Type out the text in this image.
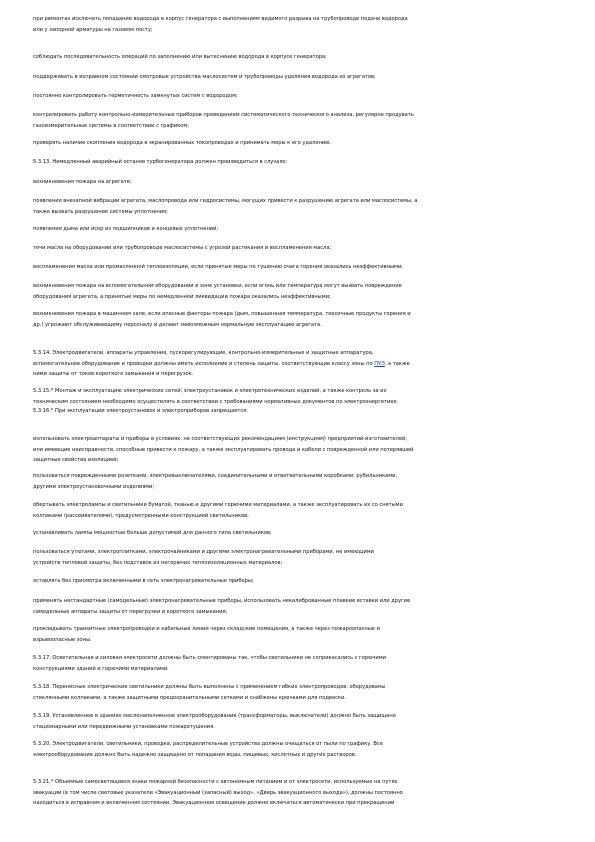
при ремонтах исключать попадание водорода в корпус генератора с выполнением видимого разрыва на трубопроводе подачи водорода
или у запорной арматуры на газовом посту;
соблюдать последовательность операций по заполнению или вытеснению водорода в корпусе генератора;
поддерживать в исправном состоянии смотровые устройства маслосистем и трубопроводы удаления водорода из агрегатов;
постоянно контролировать герметичность замкнутых систем с водородом;
контролировать работу контрольно-измерительных приборов проведением систематического технического анализа, регулярно продувать
газоизмерительные системы в соответствии с графиком;
проверять наличие скопления водорода в экранированных токопроводах и принимать меры к его удалению.
5.3.13. Немедленный аварийный останов турбогенератора должен производиться в случаях:
возникновения пожара на агрегате;
появления внезапной вибрации агрегата, маслопровода или гидросистемы, могущих привести к разрушению агрегата или маслосистемы, а
также вызвать разрушение системы уплотнения;
появления дыма или искр из подшипников и концевых уплотнений;
течи масла на оборудовании или трубопроводе маслосистемы с угрозой растекания и воспламенения масла;
воспламенения масла или промасленной теплоизоляции, если принятые меры по тушению очага горения оказались неэффективными;
возникновения пожара на вспомогательном оборудовании в зоне установки, если огонь или температура могут вызвать повреждение
оборудования агрегата, а принятые меры по немедленной ликвидации пожара оказались неэффективными;
возникновения пожара в машинном зале, если опасные факторы пожара (дым, повышенная температура, токсичные продукты горения и
др.) угрожают обслуживающему персоналу и делают невозможным нормальную эксплуатацию агрегата.
5.3.14. Электродвигатели, аппараты управления, пускорегулирующие, контрольно-измерительные и защитные аппаратура,
вспомогательное оборудование и проводки должны иметь исполнение и степень защиты, соответствующие классу зоны по ПУЭ, а также
ними защиты от токов короткого замыкания и перегрузок.
5.3.15.* Монтаж и эксплуатацию электрических сетей, электроустановок и электротехнических изделий, а также контроль за их
техническим состоянием необходимо осуществлять в соответствии с требованиями нормативных документов по электроэнергетике.
5.3.16.* При эксплуатации электроустановок и электроприборов запрещается:
использовать электроаппараты и приборы в условиях, не соответствующих рекомендациям (инструкциям) предприятий-изготовителей,
или имеющие неисправности, способные привести к пожару, а также эксплуатировать провода и кабели с поврежденной или потерявшей
защитные свойства изоляцией;
пользоваться поврежденными розетками, электровыключателями, соединительными и ответвительными коробками, рубильниками,
другими электроустановочными изделиями;
обертывать электролампы и светильники бумагой, тканью и другими горючими материалами, а также эксплуатировать их со снятыми
колпаками (рассеивателями), предусмотренными конструкцией светильников;
устанавливать лампы мощностью больше допустимой для данного типа светильников;
пользоваться утюгами, электроплитками, электрочайниками и другими электронагревательными приборами, не имеющими
устройств тепловой защиты, без подставок из негорючих теплоизоляционных материалов;
оставлять без присмотра включенными в сеть электронагревательные приборы;
применять нестандартные (самодельные) электронагревательные приборы, использовать некалиброванные плавкие вставки или другие
самодельные аппараты защиты от перегрузки и короткого замыкания;
прокладывать транзитные электропроводки и кабельные линии через складские помещения, а также через пожароопасные и
взрывоопасные зоны.
5.3.17. Осветительная и силовая электросети должны быть смонтированы так, чтобы светильники не соприкасались с горючими
конструкциями зданий и горючими материалами.
5.3.18. Переносные электрические светильники должны быть выполнены с применением гибких электропроводов, оборудованы
стеклянными колпаками, а также защитными предохранительными сетками и снабжены крючками для подвески.
5.3.19. Установленное в зданиях маслонаполненное электрооборудование (трансформаторы, выключатели) должно быть защищено
стационарными или передвижными установками пожаротушения.
5.3.20. Электродвигатели, светильники, проводка, распределительные устройства должны очищаться от пыли по графику. Все
электрооборудование должно быть надежно защищено от попадания воды, пищевых, кислотных и других растворов.
5.3.21.* Объемные самосветящиеся знаки пожарной безопасности с автономным питанием и от электросети, используемые на путях
эвакуации (в том числе световые указатели «Эвакуационный (запасный) выход», «Дверь эвакуационного выхода»), должны постоянно
находиться в исправном и включенном состоянии. Эвакуационное освещение должно включаться автоматически при прекращении
